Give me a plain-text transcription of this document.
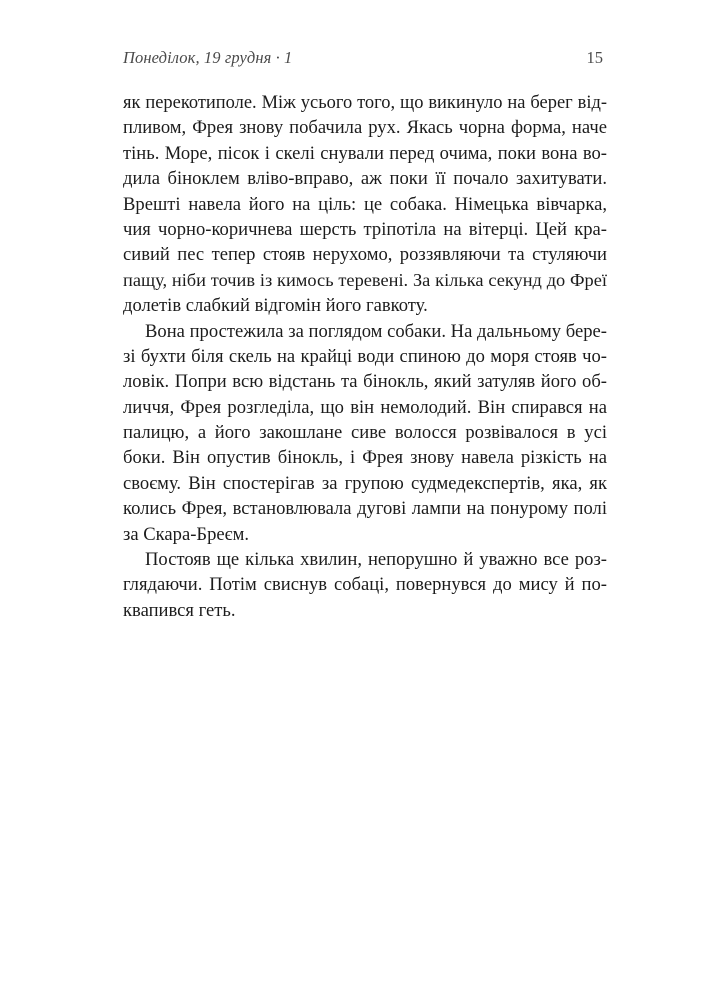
Понеділок, 19 грудня · 1	15
як перекотиполе. Між усього того, що викинуло на берег від-
пливом, Фрея знову побачила рух. Якась чорна форма, наче
тінь. Море, пісок і скелі снували перед очима, поки вона во-
дила біноклем вліво-вправо, аж поки її почало захитувати.
Врешті навела його на ціль: це собака. Німецька вівчарка,
чия чорно-коричнева шерсть тріпотіла на вітерці. Цей кра-
сивий пес тепер стояв нерухомо, роззявляючи та стуляючи
пащу, ніби точив із кимось теревені. За кілька секунд до Фреї
долетів слабкий відгомін його гавкоту.
Вона простежила за поглядом собаки. На дальньому бере-
зі бухти біля скель на крайці води спиною до моря стояв чо-
ловік. Попри всю відстань та бінокль, який затуляв його об-
личчя, Фрея розгледіла, що він немолодий. Він спирався на
палицю, а його закошлане сиве волосся розвівалося в усі
боки. Він опустив бінокль, і Фрея знову навела різкість на
своєму. Він спостерігав за групою судмедекспертів, яка, як
колись Фрея, встановлювала дугові лампи на понурому полі
за Скара-Бреєм.
Постояв ще кілька хвилин, непорушно й уважно все роз-
глядаючи. Потім свиснув собаці, повернувся до мису й по-
квапився геть.
